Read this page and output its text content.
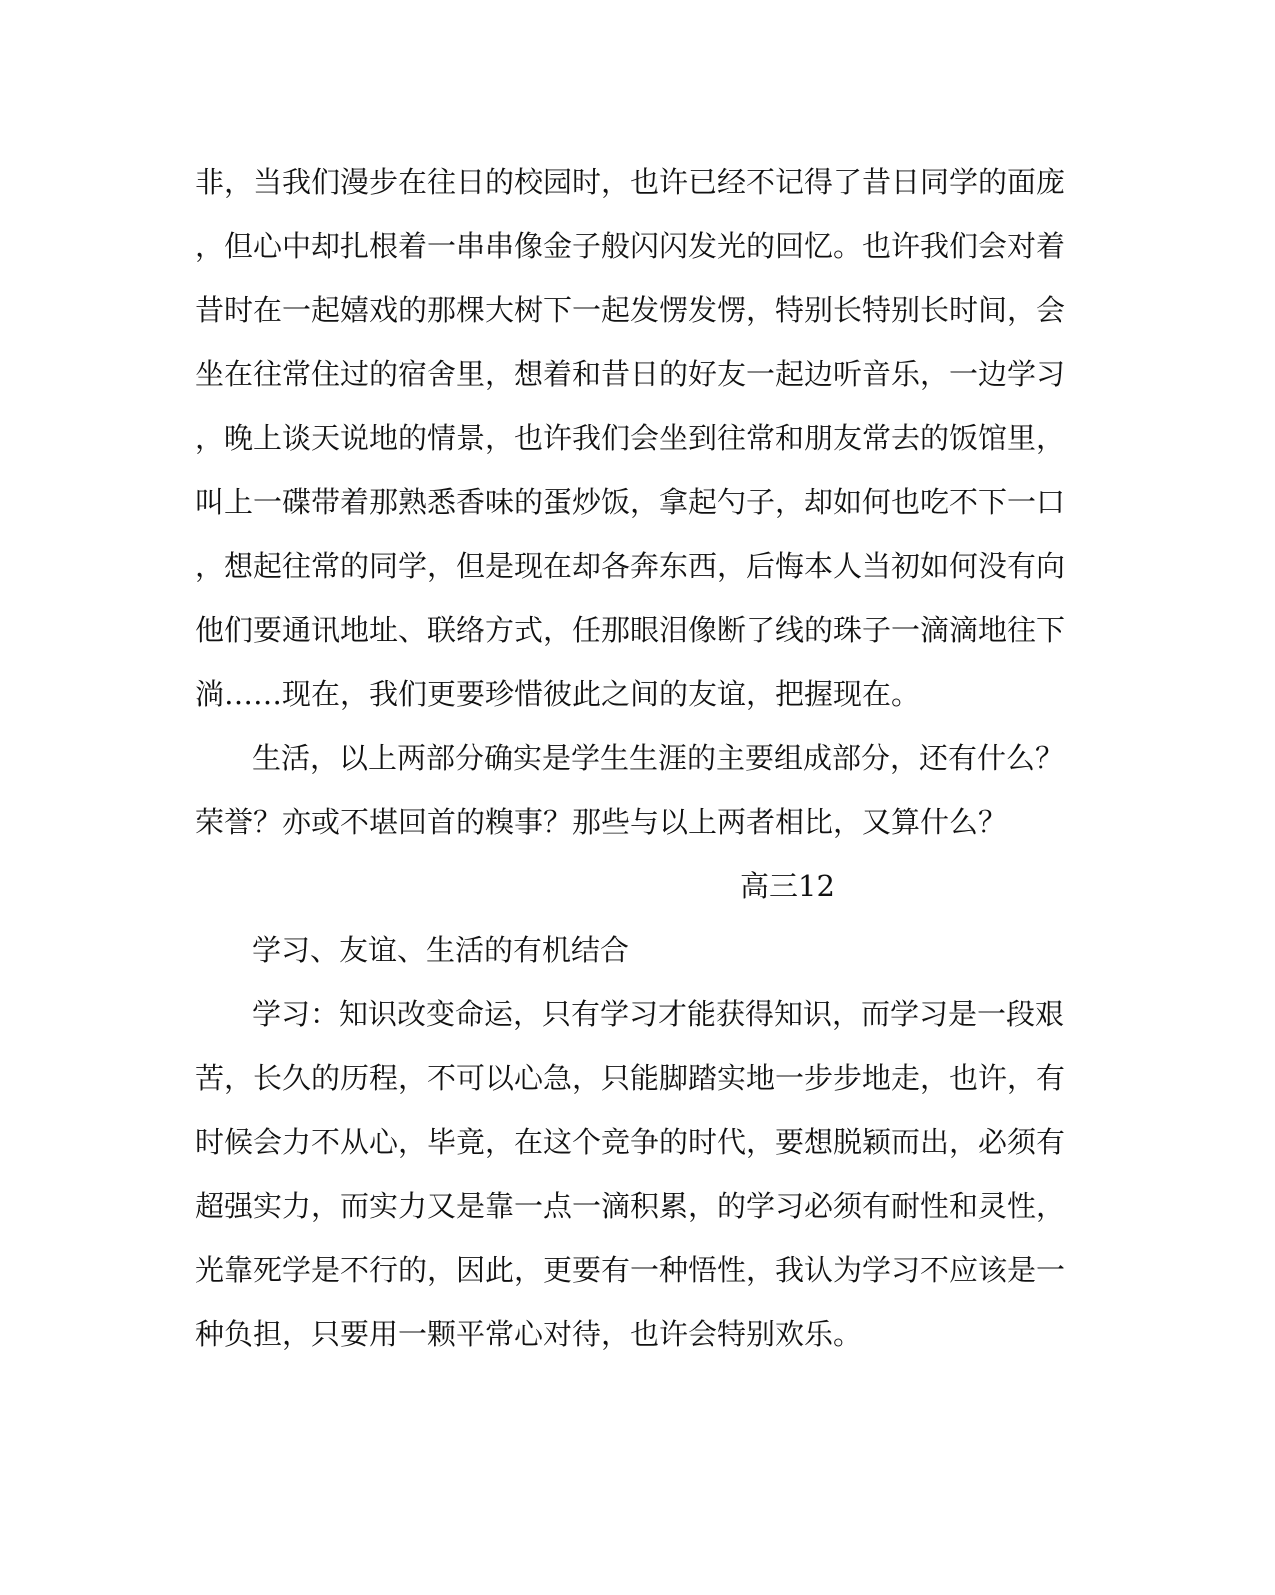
非，当我们漫步在往日的校园时，也许已经不记得了昔日同学的面庞
，但心中却扎根着一串串像金子般闪闪发光的回忆。也许我们会对着
昔时在一起嬉戏的那棵大树下一起发愣发愣，特别长特别长时间，会
坐在往常住过的宿舍里，想着和昔日的好友一起边听音乐，一边学习
，晚上谈天说地的情景，也许我们会坐到往常和朋友常去的饭馆里，
叫上一碟带着那熟悉香味的蛋炒饭，拿起勺子，却如何也吃不下一口
，想起往常的同学，但是现在却各奔东西，后悔本人当初如何没有向
他们要通讯地址、联络方式，任那眼泪像断了线的珠子一滴滴地往下
淌……现在，我们更要珍惜彼此之间的友谊，把握现在。
生活，以上两部分确实是学生生涯的主要组成部分，还有什么？
荣誉？亦或不堪回首的糗事？那些与以上两者相比，又算什么？
高三12
学习、友谊、生活的有机结合
学习：知识改变命运，只有学习才能获得知识，而学习是一段艰
苦，长久的历程，不可以心急，只能脚踏实地一步步地走，也许，有
时候会力不从心，毕竟，在这个竞争的时代，要想脱颖而出，必须有
超强实力，而实力又是靠一点一滴积累，的学习必须有耐性和灵性，
光靠死学是不行的，因此，更要有一种悟性，我认为学习不应该是一
种负担，只要用一颗平常心对待，也许会特别欢乐。
